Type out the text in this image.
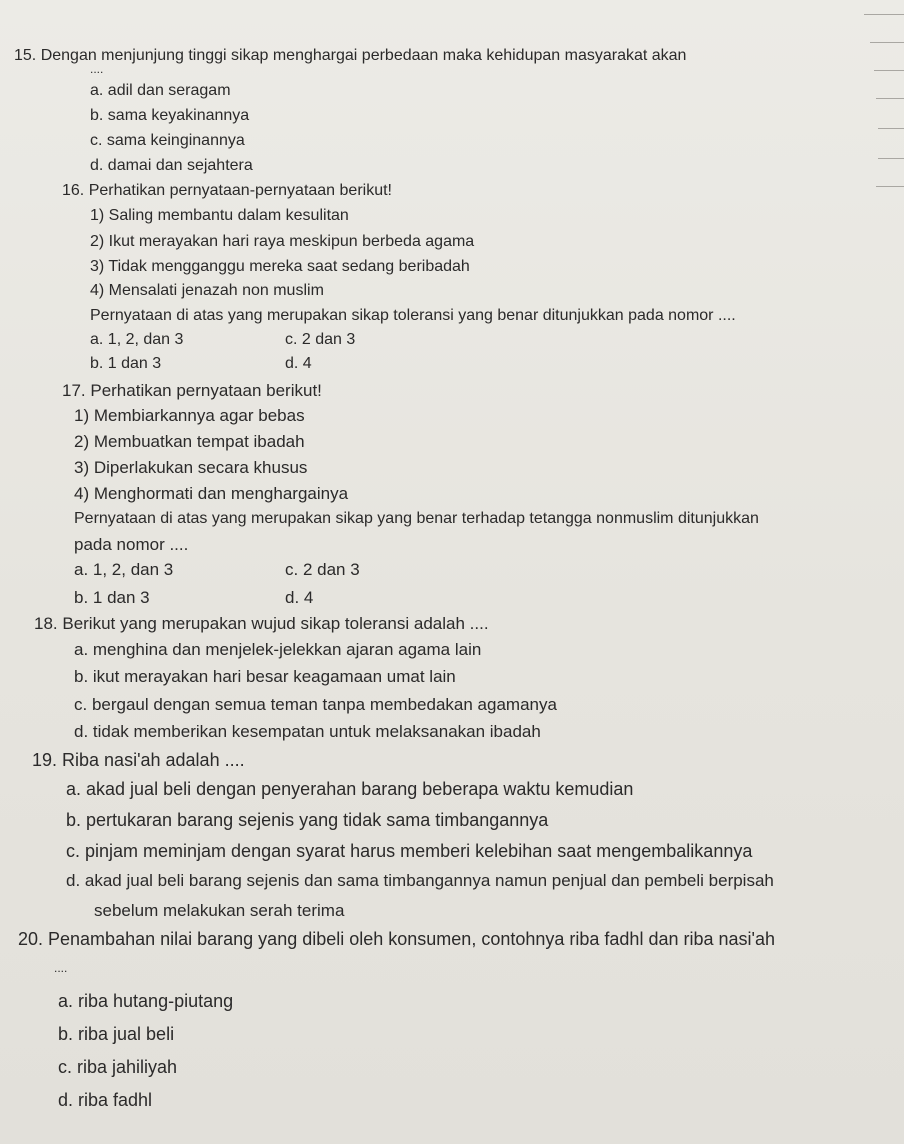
15. Dengan menjunjung tinggi sikap menghargai perbedaan maka kehidupan masyarakat akan
....
a. adil dan seragam
b. sama keyakinannya
c. sama keinginannya
d. damai dan sejahtera
16. Perhatikan pernyataan-pernyataan berikut!
1) Saling membantu dalam kesulitan
2) Ikut merayakan hari raya meskipun berbeda agama
3) Tidak mengganggu mereka saat sedang beribadah
4) Mensalati jenazah non muslim
Pernyataan di atas yang merupakan sikap toleransi yang benar ditunjukkan pada nomor ....
a. 1, 2, dan 3	c. 2 dan 3
b. 1 dan 3	d. 4
17. Perhatikan pernyataan berikut!
1) Membiarkannya agar bebas
2) Membuatkan tempat ibadah
3) Diperlakukan secara khusus
4) Menghormati dan menghargainya
Pernyataan di atas yang merupakan sikap yang benar terhadap tetangga nonmuslim ditunjukkan
pada nomor ....
a. 1, 2, dan 3	c. 2 dan 3
b. 1 dan 3	d. 4
18. Berikut yang merupakan wujud sikap toleransi adalah ....
a. menghina dan menjelek-jelekkan ajaran agama lain
b. ikut merayakan hari besar keagamaan umat lain
c. bergaul dengan semua teman tanpa membedakan agamanya
d. tidak memberikan kesempatan untuk melaksanakan ibadah
19. Riba nasi'ah adalah ....
a. akad jual beli dengan penyerahan barang beberapa waktu kemudian
b. pertukaran barang sejenis yang tidak sama timbangannya
c. pinjam meminjam dengan syarat harus memberi kelebihan saat mengembalikannya
d. akad jual beli barang sejenis dan sama timbangannya namun penjual dan pembeli berpisah
sebelum melakukan serah terima
20. Penambahan nilai barang yang dibeli oleh konsumen, contohnya riba fadhl dan riba nasi'ah
....
a. riba hutang-piutang
b. riba jual beli
c. riba jahiliyah
d. riba fadhl
